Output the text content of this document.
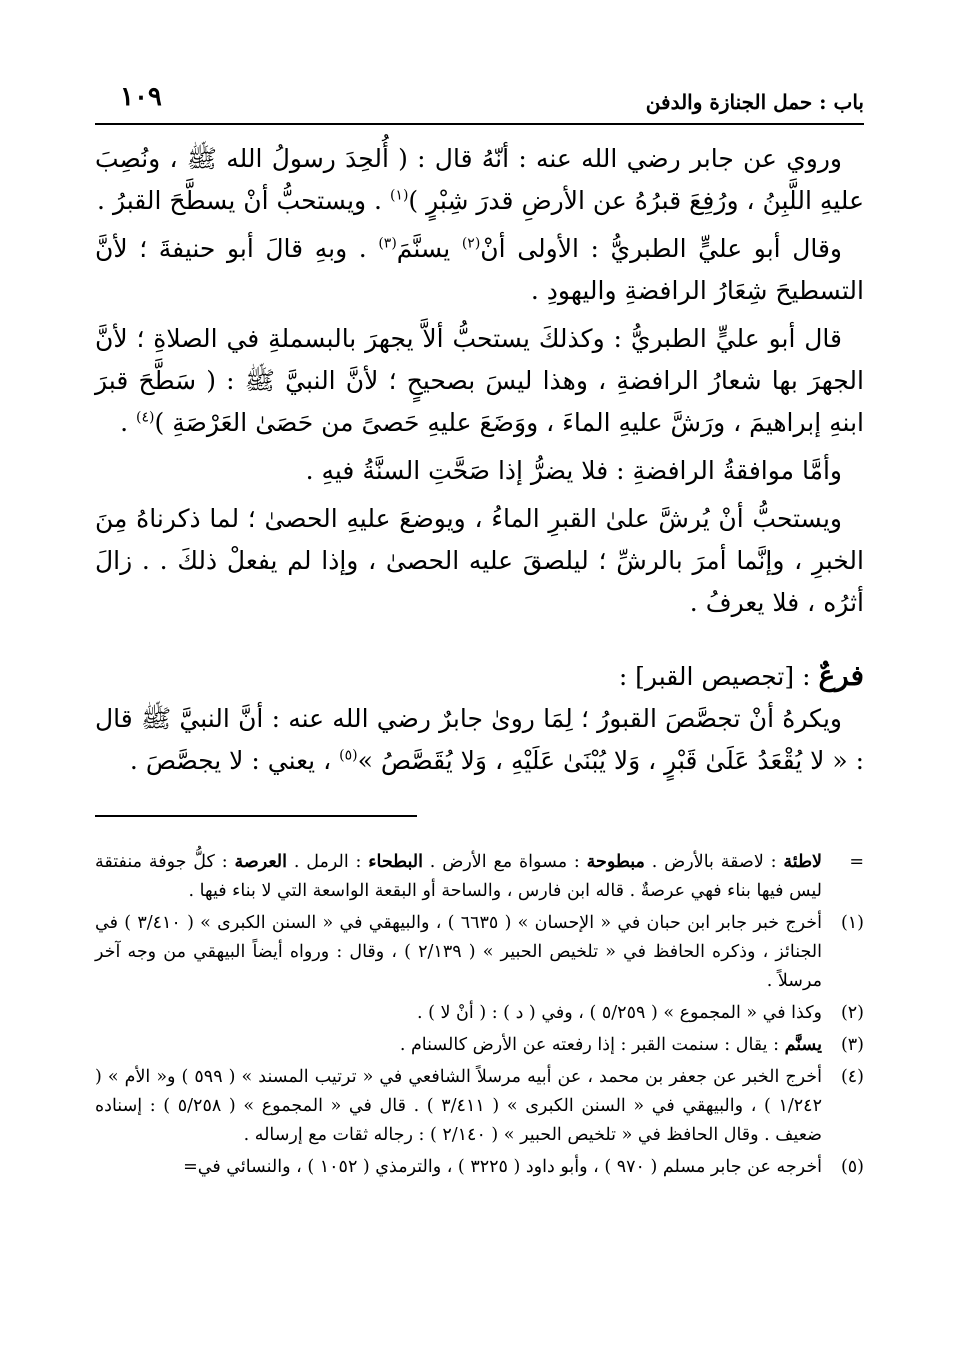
باب : حمل الجنازة والدفن
١٠٩

وروي عن جابر رضي الله عنه : أنّهُ قال : ( أُلحِدَ رسولُ الله ﷺ ، ونُصِبَ عليهِ اللَّبِنُ ، ورُفِعَ قبرُهُ عن الأرضِ قدرَ شِبْرٍ )$^{(١)}$ . ويستحبُّ أنْ يسطَّحَ القبرُ .

وقال أبو عليٍّ الطبريُّ : الأولى أنْ$^{(٢)}$ يسنَّمَ$^{(٣)}$ . وبهِ قالَ أبو حنيفةَ ؛ لأنَّ التسطيحَ شِعَارُ الرافضةِ واليهودِ .

قال أبو عليٍّ الطبريُّ : وكذلكَ يستحبُّ ألاَّ يجهرَ بالبسملةِ في الصلاةِ ؛ لأنَّ الجهرَ بها شعارُ الرافضةِ ، وهذا ليسَ بصحيحٍ ؛ لأنَّ النبيَّ ﷺ : ( سَطَّحَ قبرَ ابنهِ إبراهيمَ ، ورَشَّ عليهِ الماءَ ، ووَضَعَ عليهِ حَصىً من حَصَىٰ العَرْصَةِ )$^{(٤)}$ .

وأمَّا موافقةُ الرافضةِ : فلا يضرُّ إذا صَحَّتِ السنَّةُ فيهِ .

ويستحبُّ أنْ يُرشَّ علىٰ القبرِ الماءُ ، ويوضعَ عليهِ الحصىٰ ؛ لما ذكرناهُ مِنَ الخبرِ ، وإنَّما أمرَ بالرشِّ ؛ ليلصقَ عليه الحصىٰ ، وإذا لم يفعلْ ذلكَ . . زالَ أثرُه ، فلا يعرفُ .

فرعٌ : [تجصيص القبر] :

ويكرهُ أنْ تجصَّصَ القبورُ ؛ لِمَا روىٰ جابرٌ رضي الله عنه : أنَّ النبيَّ ﷺ قال : « لا يُقْعَدُ عَلَىٰ قَبْرٍ ، وَلا يُبْنَىٰ عَلَيْهِ ، وَلا يُقَصَّصُ »$^{(٥)}$ ، يعني : لا يجصَّصَ .

=
لاطئة : لاصقة بالأرض . مبطوحة : مسواة مع الأرض . البطحاء : الرمل . العرصة : كلُّ جوفة منفتقة ليس فيها بناء فهي عرصةٌ . قاله ابن فارس ، والساحة أو البقعة الواسعة التي لا بناء فيها .
(١)
أخرج خبر جابر ابن حبان في « الإحسان » ( ٦٦٣٥ ) ، والبيهقي في « السنن الكبرى » ( ٣/٤١٠ ) في الجنائز ، وذكره الحافظ في « تلخيص الحبير » ( ٢/١٣٩ ) ، وقال : ورواه أيضاً البيهقي من وجه آخر مرسلاً .
(٢)
وكذا في « المجموع » ( ٥/٢٥٩ ) ، وفي ( د ) : ( أنْ لا ) .
(٣)
يسنَّم : يقال : سنمت القبر : إذا رفعته عن الأرض كالسنام .
(٤)
أخرج الخبر عن جعفر بن محمد ، عن أبيه مرسلاً الشافعي في « ترتيب المسند » ( ٥٩٩ ) و« الأم » ( ١/٢٤٢ ) ، والبيهقي في « السنن الكبرى » ( ٣/٤١١ ) . قال في « المجموع » ( ٥/٢٥٨ ) : إسناده ضعيف . وقال الحافظ في « تلخيص الحبير » ( ٢/١٤٠ ) : رجاله ثقات مع إرساله .
(٥)
أخرجه عن جابر مسلم ( ٩٧٠ ) ، وأبو داود ( ٣٢٢٥ ) ، والترمذي ( ١٠٥٢ ) ، والنسائي في=
